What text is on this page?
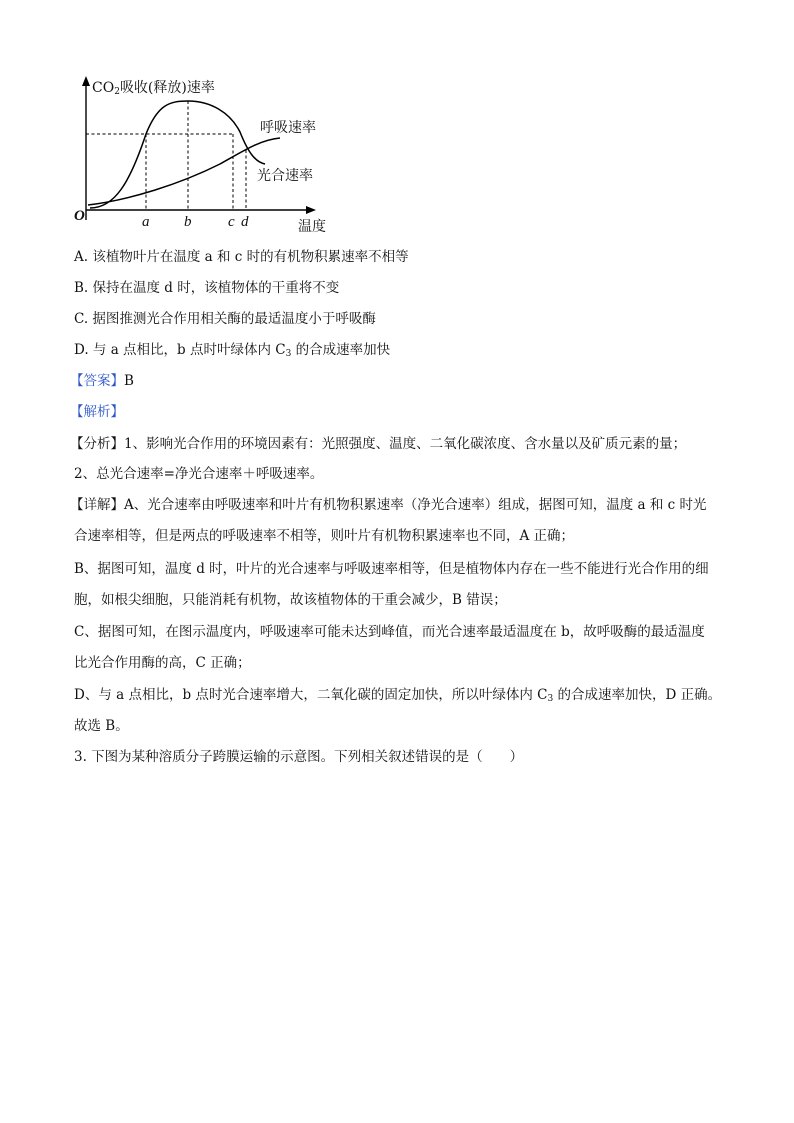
$CO_2$吸收(释放)速率
呼吸速率
光合速率
O	a b c d	温度
A. 该植物叶片在温度 a 和 c 时的有机物积累速率不相等
B. 保持在温度 d 时，该植物体的干重将不变
C. 据图推测光合作用相关酶的最适温度小于呼吸酶
D. 与 a 点相比，b 点时叶绿体内 $C_3$ 的合成速率加快
【答案】B
【解析】
【分析】1、影响光合作用的环境因素有：光照强度、温度、二氧化碳浓度、含水量以及矿质元素的量；
2、总光合速率=净光合速率＋呼吸速率。
【详解】A、光合速率由呼吸速率和叶片有机物积累速率（净光合速率）组成，据图可知，温度 a 和 c 时光
合速率相等，但是两点的呼吸速率不相等，则叶片有机物积累速率也不同，A 正确；
B、据图可知，温度 d 时，叶片的光合速率与呼吸速率相等，但是植物体内存在一些不能进行光合作用的细
胞，如根尖细胞，只能消耗有机物，故该植物体的干重会减少，B 错误；
C、据图可知，在图示温度内，呼吸速率可能未达到峰值，而光合速率最适温度在 b，故呼吸酶的最适温度
比光合作用酶的高，C 正确；
D、与 a 点相比，b 点时光合速率增大，二氧化碳的固定加快，所以叶绿体内 $C_3$ 的合成速率加快，D 正确。
故选 B。
3. 下图为某种溶质分子跨膜运输的示意图。下列相关叙述错误的是（　　）
